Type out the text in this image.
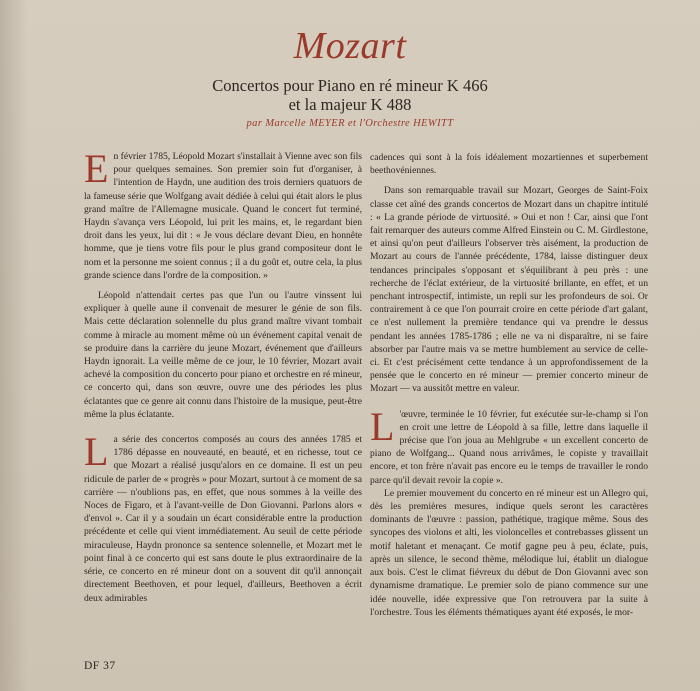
Mozart
Concertos pour Piano en ré mineur K 466
et la majeur K 488
par Marcelle MEYER et l'Orchestre HEWITT

En février 1785, Léopold Mozart s'installait à Vienne avec son fils pour quelques semaines. Son premier soin fut d'organiser, à l'intention de Haydn, une audition des trois derniers quatuors de la fameuse série que Wolfgang avait dédiée à celui qui était alors le plus grand maître de l'Allemagne musicale. Quand le concert fut terminé, Haydn s'avança vers Léopold, lui prit les mains, et, le regardant bien droit dans les yeux, lui dit : « Je vous déclare devant Dieu, en honnête homme, que je tiens votre fils pour le plus grand compositeur dont le nom et la personne me soient connus ; il a du goût et, outre cela, la plus grande science dans l'ordre de la composition. »

Léopold n'attendait certes pas que l'un ou l'autre vinssent lui expliquer à quelle aune il convenait de mesurer le génie de son fils. Mais cette déclaration solennelle du plus grand maître vivant tombait comme à miracle au moment même où un événement capital venait de se produire dans la carrière du jeune Mozart, événement que d'ailleurs Haydn ignorait. La veille même de ce jour, le 10 février, Mozart avait achevé la composition du concerto pour piano et orchestre en ré mineur, ce concerto qui, dans son œuvre, ouvre une des périodes les plus éclatantes que ce genre ait connu dans l'histoire de la musique, peut-être même la plus éclatante.

La série des concertos composés au cours des années 1785 et 1786 dépasse en nouveauté, en beauté, et en richesse, tout ce que Mozart a réalisé jusqu'alors en ce domaine. Il est un peu ridicule de parler de « progrès » pour Mozart, surtout à ce moment de sa carrière — n'oublions pas, en effet, que nous sommes à la veille des Noces de Figaro, et à l'avant-veille de Don Giovanni. Parlons alors « d'envol ». Car il y a soudain un écart considérable entre la production précédente et celle qui vient immédiatement. Au seuil de cette période miraculeuse, Haydn prononce sa sentence solennelle, et Mozart met le point final à ce concerto qui est sans doute le plus extraordinaire de la série, ce concerto en ré mineur dont on a souvent dit qu'il annonçait directement Beethoven, et pour lequel, d'ailleurs, Beethoven a écrit deux admirables

cadences qui sont à la fois idéalement mozartiennes et superbement beethovéniennes.

Dans son remarquable travail sur Mozart, Georges de Saint-Foix classe cet aîné des grands concertos de Mozart dans un chapitre intitulé : « La grande période de virtuosité. » Oui et non ! Car, ainsi que l'ont fait remarquer des auteurs comme Alfred Einstein ou C. M. Girdlestone, et ainsi qu'on peut d'ailleurs l'observer très aisément, la production de Mozart au cours de l'année précédente, 1784, laisse distinguer deux tendances principales s'opposant et s'équilibrant à peu près : une recherche de l'éclat extérieur, de la virtuosité brillante, en effet, et un penchant introspectif, intimiste, un repli sur les profondeurs de soi. Or contrairement à ce que l'on pourrait croire en cette période d'art galant, ce n'est nullement la première tendance qui va prendre le dessus pendant les années 1785-1786 ; elle ne va ni disparaître, ni se faire absorber par l'autre mais va se mettre humblement au service de celle-ci. Et c'est précisément cette tendance à un approfondissement de la pensée que le concerto en ré mineur — premier concerto mineur de Mozart — va aussitôt mettre en valeur.

L 'œuvre, terminée le 10 février, fut exécutée sur-le-champ si l'on en croit une lettre de Léopold à sa fille, lettre dans laquelle il précise que l'on joua au Mehlgrube « un excellent concerto de piano de Wolfgang... Quand nous arrivâmes, le copiste y travaillait encore, et ton frère n'avait pas encore eu le temps de travailler le rondo parce qu'il devait revoir la copie ».

Le premier mouvement du concerto en ré mineur est un Allegro qui, dès les premières mesures, indique quels seront les caractères dominants de l'œuvre : passion, pathétique, tragique même. Sous des syncopes des violons et alti, les violoncelles et contrebasses glissent un motif haletant et menaçant. Ce motif gagne peu à peu, éclate, puis, après un silence, le second thème, mélodique lui, établit un dialogue aux bois. C'est le climat fiévreux du début de Don Giovanni avec son dynamisme dramatique. Le premier solo de piano commence sur une idée nouvelle, idée expressive que l'on retrouvera par la suite à l'orchestre. Tous les éléments thématiques ayant été exposés, le mor-

DF 37
